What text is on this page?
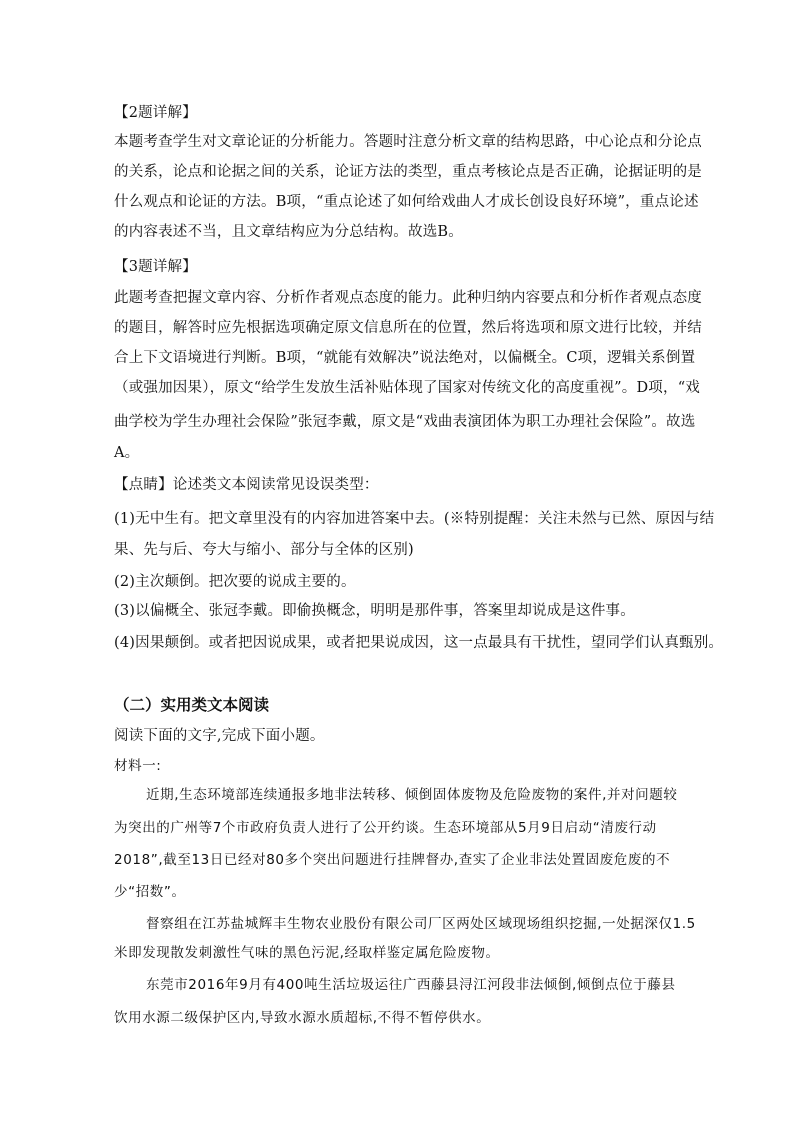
【2题详解】
本题考查学生对文章论证的分析能力。答题时注意分析文章的结构思路，中心论点和分论点
的关系，论点和论据之间的关系，论证方法的类型，重点考核论点是否正确，论据证明的是
什么观点和论证的方法。B项，“重点论述了如何给戏曲人才成长创设良好环境”，重点论述
的内容表述不当，且文章结构应为分总结构。故选B。
【3题详解】
此题考查把握文章内容、分析作者观点态度的能力。此种归纳内容要点和分析作者观点态度
的题目，解答时应先根据选项确定原文信息所在的位置，然后将选项和原文进行比较，并结
合上下文语境进行判断。B项，“就能有效解决”说法绝对，以偏概全。C项，逻辑关系倒置
（或强加因果），原文“给学生发放生活补贴体现了国家对传统文化的高度重视”。D项，“戏
曲学校为学生办理社会保险”张冠李戴，原文是“戏曲表演团体为职工办理社会保险”。故选
A。
【点睛】论述类文本阅读常见设误类型：
(1)无中生有。把文章里没有的内容加进答案中去。(※特别提醒：关注未然与已然、原因与结
果、先与后、夸大与缩小、部分与全体的区别)
(2)主次颠倒。把次要的说成主要的。
(3)以偏概全、张冠李戴。即偷换概念，明明是那件事，答案里却说成是这件事。
(4)因果颠倒。或者把因说成果，或者把果说成因，这一点最具有干扰性，望同学们认真甄别。
（二）实用类文本阅读
阅读下面的文字,完成下面小题。
材料一:
近期,生态环境部连续通报多地非法转移、倾倒固体废物及危险废物的案件,并对问题较
为突出的广州等7个市政府负责人进行了公开约谈。生态环境部从5月9日启动“清废行动
2018”,截至13日已经对80多个突出问题进行挂牌督办,查实了企业非法处置固废危废的不
少“招数”。
督察组在江苏盐城辉丰生物农业股份有限公司厂区两处区域现场组织挖掘,一处据深仅1.5
米即发现散发刺激性气味的黑色污泥,经取样鉴定属危险废物。
东莞市2016年9月有400吨生活垃圾运往广西藤县浔江河段非法倾倒,倾倒点位于藤县
饮用水源二级保护区内,导致水源水质超标,不得不暂停供水。
